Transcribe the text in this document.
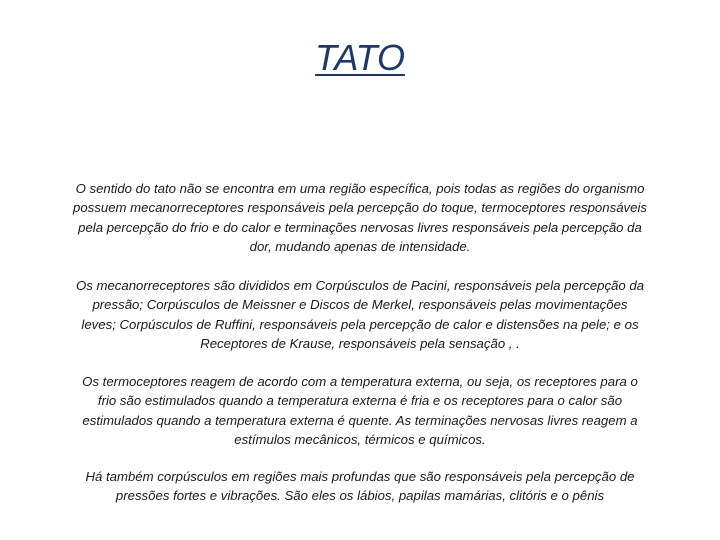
TATO
O sentido do tato não se encontra em uma região específica, pois todas as regiões do organismo
possuem mecanorreceptores responsáveis pela percepção do toque, termoceptores responsáveis
pela percepção do frio e do calor e terminações nervosas livres responsáveis pela percepção da
dor, mudando apenas de intensidade.
Os mecanorreceptores são divididos em Corpúsculos de Pacini, responsáveis pela percepção da
pressão; Corpúsculos de Meissner e Discos de Merkel, responsáveis pelas movimentações
leves; Corpúsculos de Ruffini, responsáveis pela percepção de calor e distensões na pele; e os
Receptores de Krause, responsáveis pela sensação , .
Os termoceptores reagem de acordo com a temperatura externa, ou seja, os receptores para o
frio são estimulados quando a temperatura externa é fria e os receptores para o calor são
estimulados quando a temperatura externa é quente. As terminações nervosas livres reagem a
estímulos mecânicos, térmicos e químicos.
Há também corpúsculos em regiões mais profundas que são responsáveis pela percepção de
pressões fortes e vibrações. São eles os lábios, papilas mamárias, clitóris e o pênis
